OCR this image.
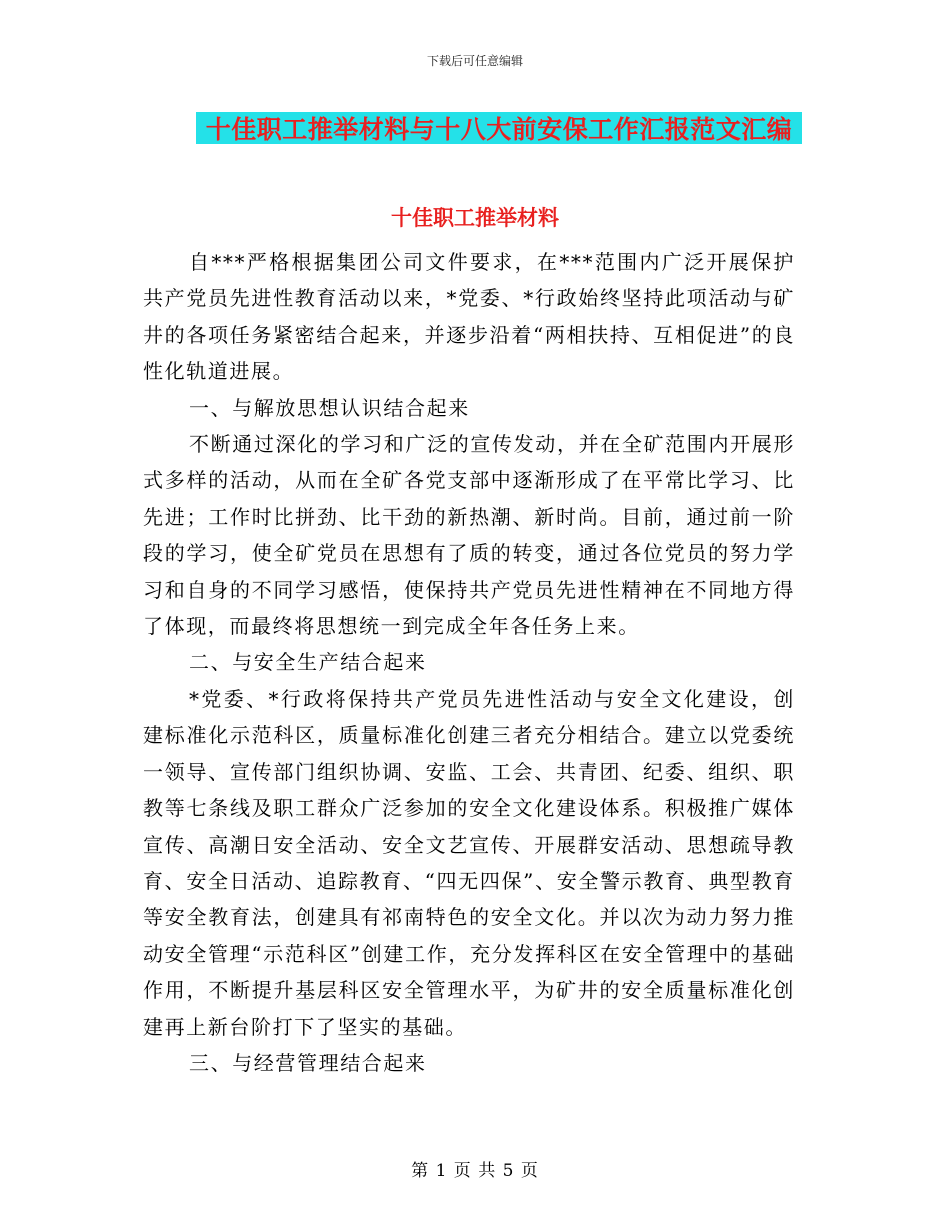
下载后可任意编辑
十佳职工推举材料与十八大前安保工作汇报范文汇编
十佳职工推举材料

自***严格根据集团公司文件要求，在***范围内广泛开展保护共产党员先进性教育活动以来，*党委、*行政始终坚持此项活动与矿井的各项任务紧密结合起来，并逐步沿着“两相扶持、互相促进”的良性化轨道进展。

一、与解放思想认识结合起来

不断通过深化的学习和广泛的宣传发动，并在全矿范围内开展形式多样的活动，从而在全矿各党支部中逐渐形成了在平常比学习、比先进；工作时比拼劲、比干劲的新热潮、新时尚。目前，通过前一阶段的学习，使全矿党员在思想有了质的转变，通过各位党员的努力学习和自身的不同学习感悟，使保持共产党员先进性精神在不同地方得了体现，而最终将思想统一到完成全年各任务上来。

二、与安全生产结合起来

*党委、*行政将保持共产党员先进性活动与安全文化建设，创建标准化示范科区，质量标准化创建三者充分相结合。建立以党委统一领导、宣传部门组织协调、安监、工会、共青团、纪委、组织、职教等七条线及职工群众广泛参加的安全文化建设体系。积极推广媒体宣传、高潮日安全活动、安全文艺宣传、开展群安活动、思想疏导教育、安全日活动、追踪教育、“四无四保”、安全警示教育、典型教育等安全教育法，创建具有祁南特色的安全文化。并以次为动力努力推动安全管理“示范科区”创建工作，充分发挥科区在安全管理中的基础作用，不断提升基层科区安全管理水平，为矿井的安全质量标准化创建再上新台阶打下了坚实的基础。

三、与经营管理结合起来

第 1 页 共 5 页
